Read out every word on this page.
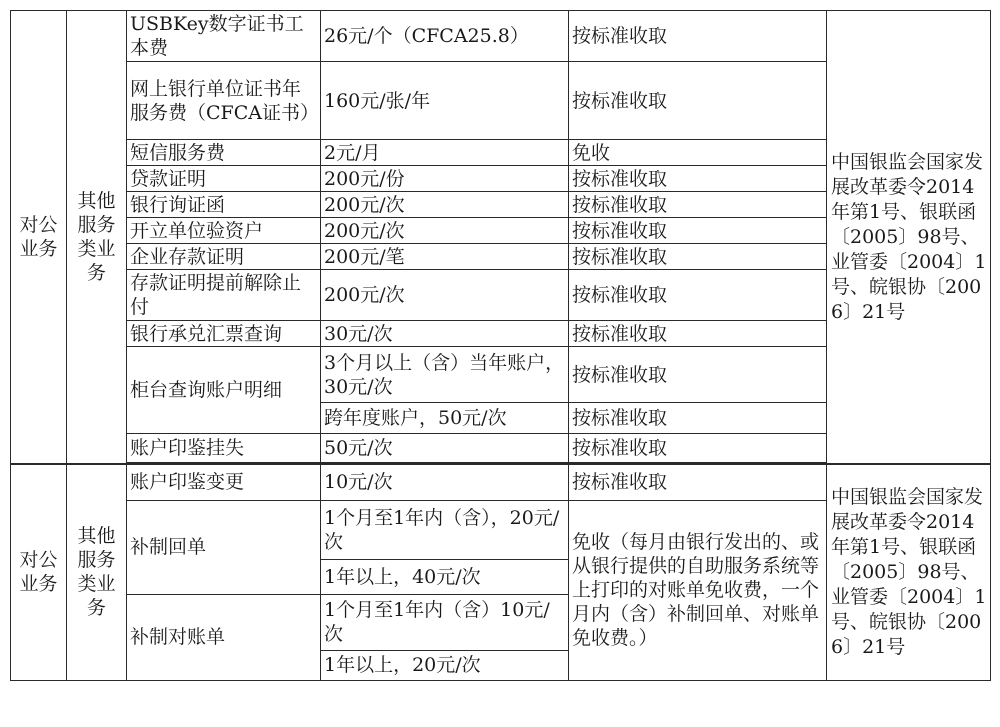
对公业务	其他服务类业务	USBKey数字证书工本费	26元/个（CFCA25.8）	按标准收取	中国银监会国家发展改革委令2014年第1号、银联函〔2005〕98号、业管委〔2004〕1号、皖银协〔2006〕21号
		网上银行单位证书年服务费（CFCA证书）	160元/张/年	按标准收取	
		短信服务费	2元/月	免收	
		贷款证明	200元/份	按标准收取	
		银行询证函	200元/次	按标准收取	
		开立单位验资户	200元/次	按标准收取	
		企业存款证明	200元/笔	按标准收取	
		存款证明提前解除止付	200元/次	按标准收取	
		银行承兑汇票查询	30元/次	按标准收取	
		柜台查询账户明细	3个月以上（含）当年账户，30元/次	按标准收取	
			跨年度账户，50元/次	按标准收取	
		账户印鉴挂失	50元/次	按标准收取	

对公业务	其他服务类业务	账户印鉴变更	10元/次	按标准收取	中国银监会国家发展改革委令2014年第1号、银联函〔2005〕98号、业管委〔2004〕1号、皖银协〔2006〕21号
		补制回单	1个月至1年内（含），20元/次	免收（每月由银行发出的、或从银行提供的自助服务系统等上打印的对账单免收费，一个月内（含）补制回单、对账单免收费。）	
			1年以上，40元/次		
		补制对账单	1个月至1年内（含）10元/次		
			1年以上，20元/次		
